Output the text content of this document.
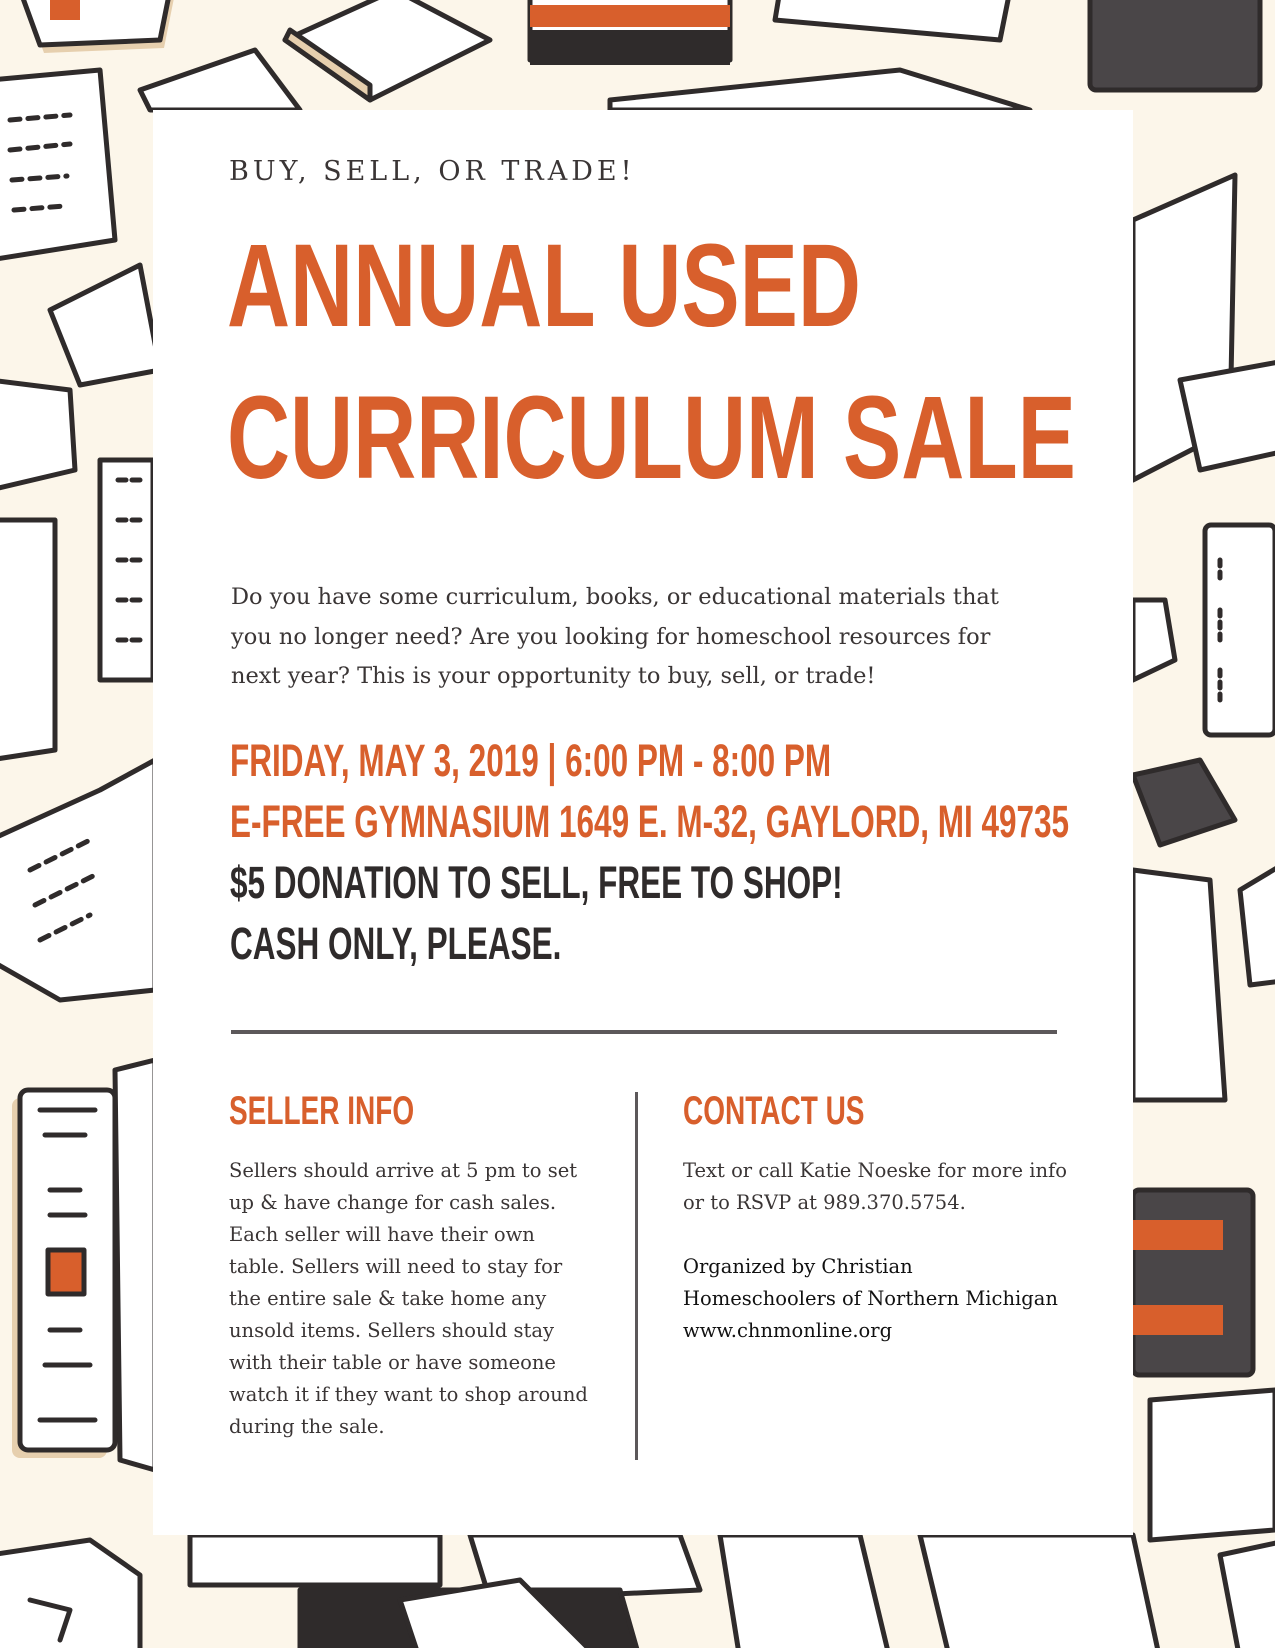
BUY, SELL, OR TRADE!

ANNUAL USED
CURRICULUM SALE

Do you have some curriculum, books, or educational materials that you no longer need? Are you looking for homeschool resources for next year? This is your opportunity to buy, sell, or trade!

FRIDAY, MAY 3, 2019 | 6:00 PM - 8:00 PM
E-FREE GYMNASIUM 1649 E. M-32, GAYLORD, MI 49735
$5 DONATION TO SELL, FREE TO SHOP!
CASH ONLY, PLEASE.
SELLER INFO

Sellers should arrive at 5 pm to set up & have change for cash sales. Each seller will have their own table. Sellers will need to stay for the entire sale & take home any unsold items. Sellers should stay with their table or have someone watch it if they want to shop around during the sale.

CONTACT US

Text or call Katie Noeske for more info or to RSVP at 989.370.5754.

Organized by Christian
Homeschoolers of Northern Michigan
www.chnmonline.org
